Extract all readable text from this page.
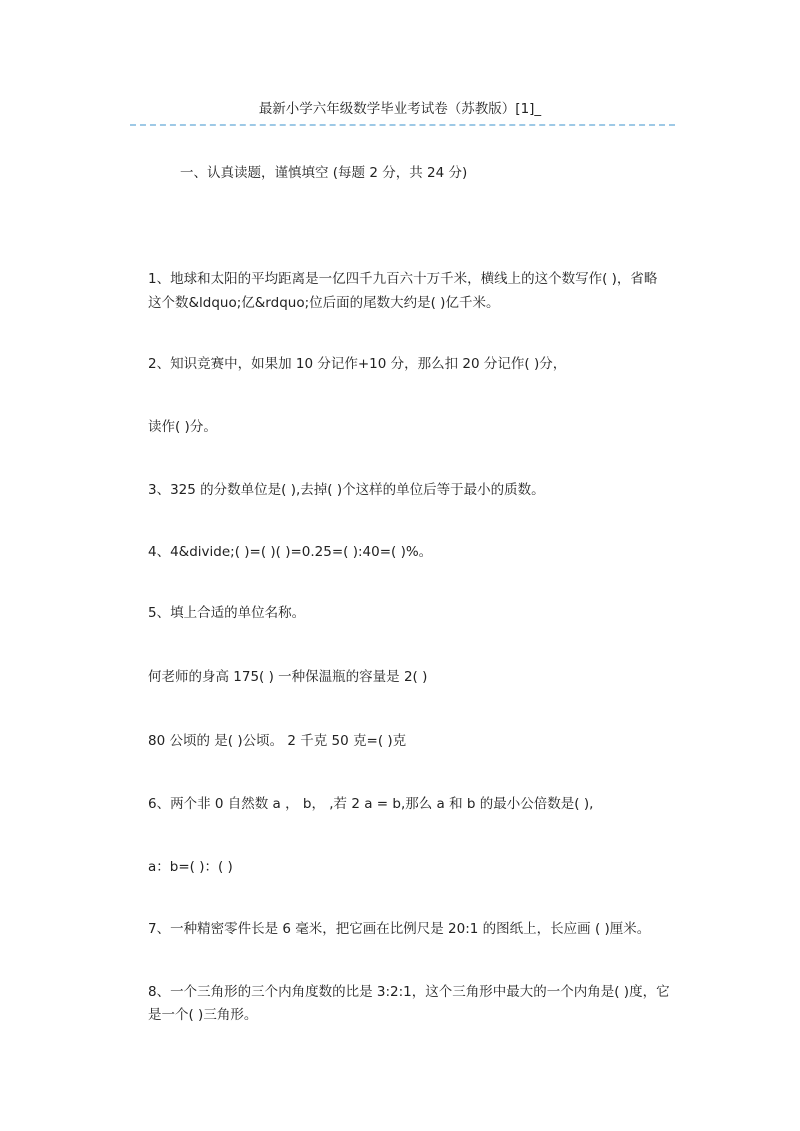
最新小学六年级数学毕业考试卷（苏教版）[1]_
一、认真读题，谨慎填空 (每题 2 分，共 24 分)
1、地球和太阳的平均距离是一亿四千九百六十万千米，横线上的这个数写作( )，省略
这个数&ldquo;亿&rdquo;位后面的尾数大约是( )亿千米。
2、知识竞赛中，如果加 10 分记作+10 分，那么扣 20 分记作( )分，
读作( )分。
3、325 的分数单位是( ),去掉( )个这样的单位后等于最小的质数。
4、4&divide;( )=( )( )=0.25=( ):40=( )%。
5、填上合适的单位名称。
何老师的身高 175( ) 一种保温瓶的容量是 2( )
80 公顷的 是( )公顷。 2 千克 50 克=( )克
6、两个非 0 自然数 a ， b， ,若 2 a = b,那么 a 和 b 的最小公倍数是( ),
a：b=( )：( )
7、一种精密零件长是 6 毫米，把它画在比例尺是 20:1 的图纸上，长应画 ( )厘米。
8、一个三角形的三个内角度数的比是 3:2:1，这个三角形中最大的一个内角是( )度，它
是一个( )三角形。
